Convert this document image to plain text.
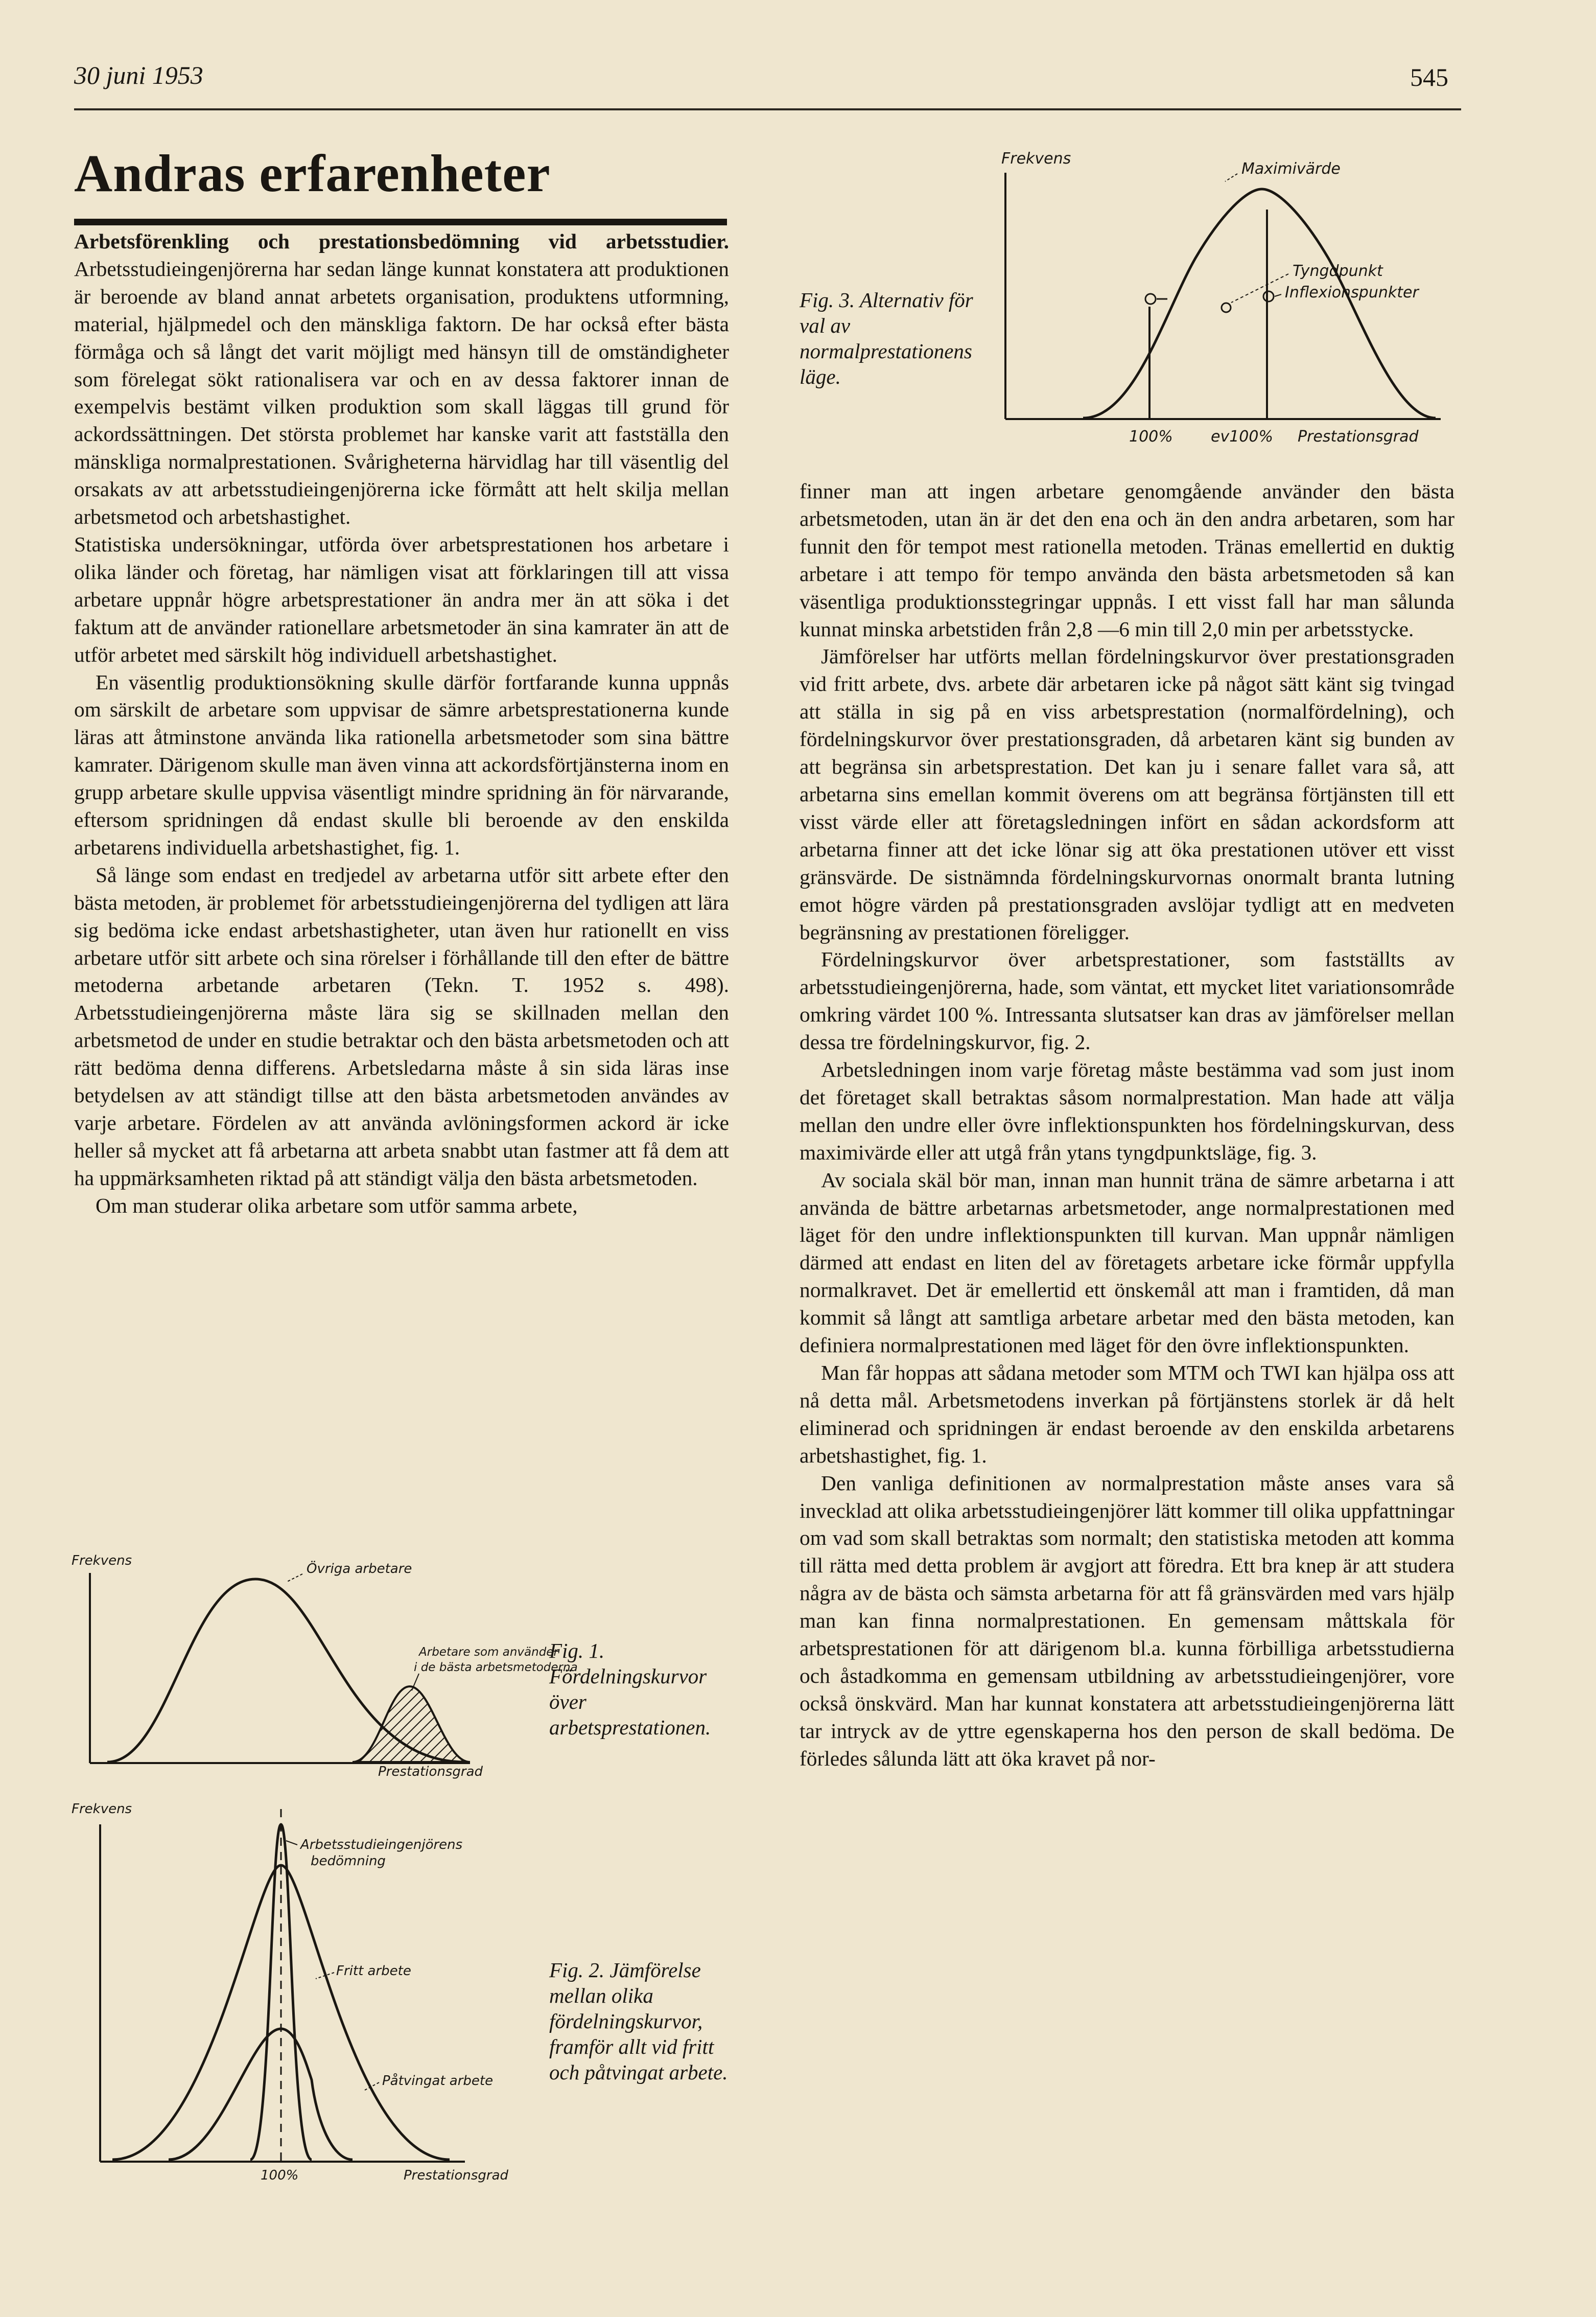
30 juni 1953	545
Andras erfarenheter

Arbetsförenkling och prestationsbedömning vid arbetsstudier. Arbetsstudieingenjörerna har sedan länge kunnat konstatera att produktionen är beroende av bland annat arbetets organisation, produktens utformning, material, hjälpmedel och den mänskliga faktorn. De har också efter bästa förmåga och så långt det varit möjligt med hänsyn till de omständigheter som förelegat sökt rationalisera var och en av dessa faktorer innan de exempelvis bestämt vilken produktion som skall läggas till grund för ackordssättningen. Det största problemet har kanske varit att fastställa den mänskliga normalprestationen. Svårigheterna härvidlag har till väsentlig del orsakats av att arbetsstudieingenjörerna icke förmått att helt skilja mellan arbetsmetod och arbetshastighet.

Statistiska undersökningar, utförda över arbetsprestationen hos arbetare i olika länder och företag, har nämligen visat att förklaringen till att vissa arbetare uppnår högre arbetsprestationer än andra mer än att söka i det faktum att de använder rationellare arbetsmetoder än sina kamrater än att de utför arbetet med särskilt hög individuell arbetshastighet.

En väsentlig produktionsökning skulle därför fortfarande kunna uppnås om särskilt de arbetare som uppvisar de sämre arbetsprestationerna kunde läras att åtminstone använda lika rationella arbetsmetoder som sina bättre kamrater. Därigenom skulle man även vinna att ackordsförtjänsterna inom en grupp arbetare skulle uppvisa väsentligt mindre spridning än för närvarande, eftersom spridningen då endast skulle bli beroende av den enskilda arbetarens individuella arbetshastighet, fig. 1.

Så länge som endast en tredjedel av arbetarna utför sitt arbete efter den bästa metoden, är problemet för arbetsstudieingenjörerna del tydligen att lära sig bedöma icke endast arbetshastigheter, utan även hur rationellt en viss arbetare utför sitt arbete och sina rörelser i förhållande till den efter de bättre metoderna arbetande arbetaren (Tekn. T. 1952 s. 498). Arbetsstudieingenjörerna måste lära sig se skillnaden mellan den arbetsmetod de under en studie betraktar och den bästa arbetsmetoden och att rätt bedöma denna differens. Arbetsledarna måste å sin sida läras inse betydelsen av att ständigt tillse att den bästa arbetsmetoden användes av varje arbetare. Fördelen av att använda avlöningsformen ackord är icke heller så mycket att få arbetarna att arbeta snabbt utan fastmer att få dem att ha uppmärksamheten riktad på att ständigt välja den bästa arbetsmetoden.

Om man studerar olika arbetare som utför samma arbete,

Frekvens
Övriga arbetare
Arbetare som använder
i de bästa arbetsmetoderna
Prestationsgrad
Fig. 1. Fördelningskurvor över arbetsprestationen.
Frekvens
Arbetsstudieingenjörens
bedömning
Fritt arbete
Påtvingat arbete
100%	Prestationsgrad
Fig. 2. Jämförelse mellan olika fördelningskurvor, framför allt vid fritt och påtvingat arbete.
Frekvens
Maximivärde
Tyngdpunkt
Inflexionspunkter
100% ev100% Prestationsgrad
Fig. 3. Alternativ för val av normalprestationens läge.

finner man att ingen arbetare genomgående använder den bästa arbetsmetoden, utan än är det den ena och än den andra arbetaren, som har funnit den för tempot mest rationella metoden. Tränas emellertid en duktig arbetare i att tempo för tempo använda den bästa arbetsmetoden så kan väsentliga produktionsstegringar uppnås. I ett visst fall har man sålunda kunnat minska arbetstiden från 2,8 —6 min till 2,0 min per arbetsstycke.

Jämförelser har utförts mellan fördelningskurvor över prestationsgraden vid fritt arbete, dvs. arbete där arbetaren icke på något sätt känt sig tvingad att ställa in sig på en viss arbetsprestation (normalfördelning), och fördelningskurvor över prestationsgraden, då arbetaren känt sig bunden av att begränsa sin arbetsprestation. Det kan ju i senare fallet vara så, att arbetarna sins emellan kommit överens om att begränsa förtjänsten till ett visst värde eller att företagsledningen infört en sådan ackordsform att arbetarna finner att det icke lönar sig att öka prestationen utöver ett visst gränsvärde. De sistnämnda fördelningskurvornas onormalt branta lutning emot högre värden på prestationsgraden avslöjar tydligt att en medveten begränsning av prestationen föreligger.

Fördelningskurvor över arbetsprestationer, som fastställts av arbetsstudieingenjörerna, hade, som väntat, ett mycket litet variationsområde omkring värdet 100 %. Intressanta slutsatser kan dras av jämförelser mellan dessa tre fördelningskurvor, fig. 2.

Arbetsledningen inom varje företag måste bestämma vad som just inom det företaget skall betraktas såsom normalprestation. Man hade att välja mellan den undre eller övre inflektionspunkten hos fördelningskurvan, dess maximivärde eller att utgå från ytans tyngdpunktsläge, fig. 3.

Av sociala skäl bör man, innan man hunnit träna de sämre arbetarna i att använda de bättre arbetarnas arbetsmetoder, ange normalprestationen med läget för den undre inflektionspunkten till kurvan. Man uppnår nämligen därmed att endast en liten del av företagets arbetare icke förmår uppfylla normalkravet. Det är emellertid ett önskemål att man i framtiden, då man kommit så långt att samtliga arbetare arbetar med den bästa metoden, kan definiera normalprestationen med läget för den övre inflektionspunkten.

Man får hoppas att sådana metoder som MTM och TWI kan hjälpa oss att nå detta mål. Arbetsmetodens inverkan på förtjänstens storlek är då helt eliminerad och spridningen är endast beroende av den enskilda arbetarens arbetshastighet, fig. 1.

Den vanliga definitionen av normalprestation måste anses vara så invecklad att olika arbetsstudieingenjörer lätt kommer till olika uppfattningar om vad som skall betraktas som normalt; den statistiska metoden att komma till rätta med detta problem är avgjort att föredra. Ett bra knep är att studera några av de bästa och sämsta arbetarna för att få gränsvärden med vars hjälp man kan finna normalprestationen. En gemensam måttskala för arbetsprestationen för att därigenom bl.a. kunna förbilliga arbetsstudierna och åstadkomma en gemensam utbildning av arbetsstudieingenjörer, vore också önskvärd. Man har kunnat konstatera att arbetsstudieingenjörerna lätt tar intryck av de yttre egenskaperna hos den person de skall bedöma. De förledes sålunda lätt att öka kravet på nor-
